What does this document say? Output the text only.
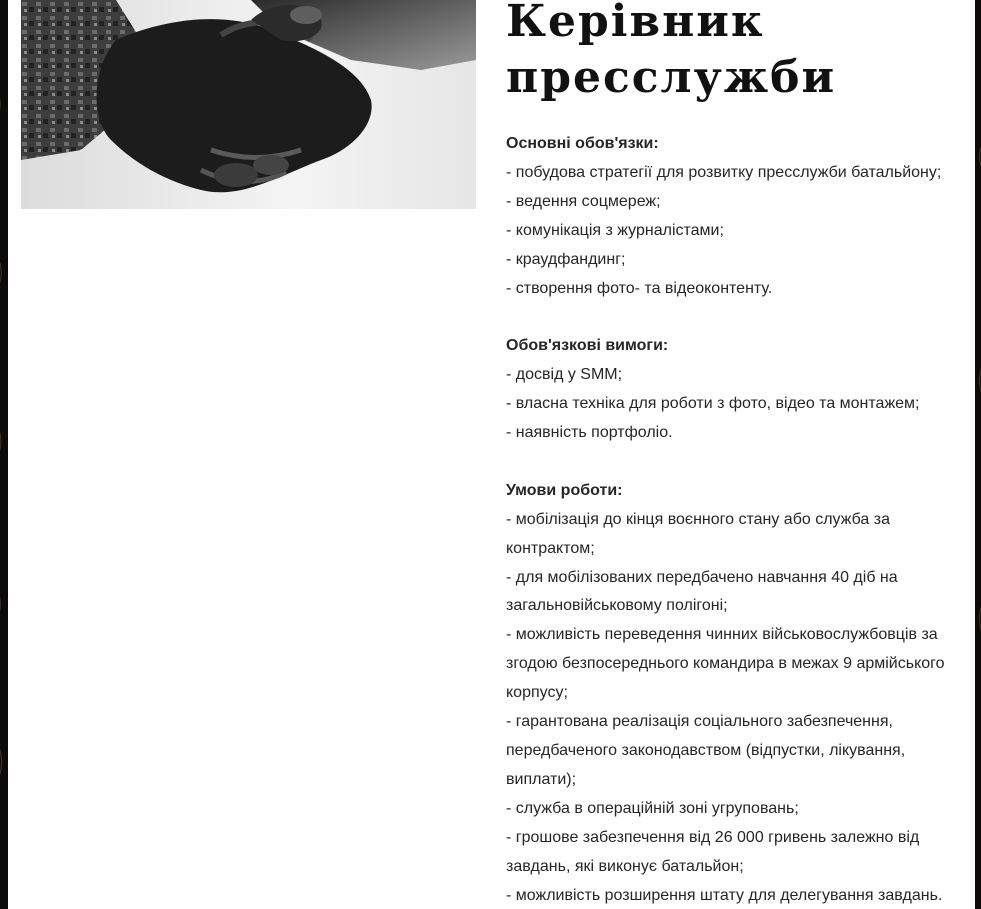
Керівник
пресслужби
Основні обов'язки:
- побудова стратегії для розвитку пресслужби батальйону;
- ведення соцмереж;
- комунікація з журналістами;
- краудфандинг;
- створення фото- та відеоконтенту.
Обов'язкові вимоги:
- досвід у SMM;
- власна техніка для роботи з фото, відео та монтажем;
- наявність портфоліо.
Умови роботи:
- мобілізація до кінця воєнного стану або служба за контрактом;
- для мобілізованих передбачено навчання 40 діб на загальновійськовому полігоні;
- можливість переведення чинних військовослужбовців за згодою безпосереднього командира в межах 9 армійського корпусу;
- гарантована реалізація соціального забезпечення, передбаченого законодавством (відпустки, лікування, виплати);
- служба в операційній зоні угруповань;
- грошове забезпечення від 26 000 гривень залежно від завдань, які виконує батальйон;
- можливість розширення штату для делегування завдань.
